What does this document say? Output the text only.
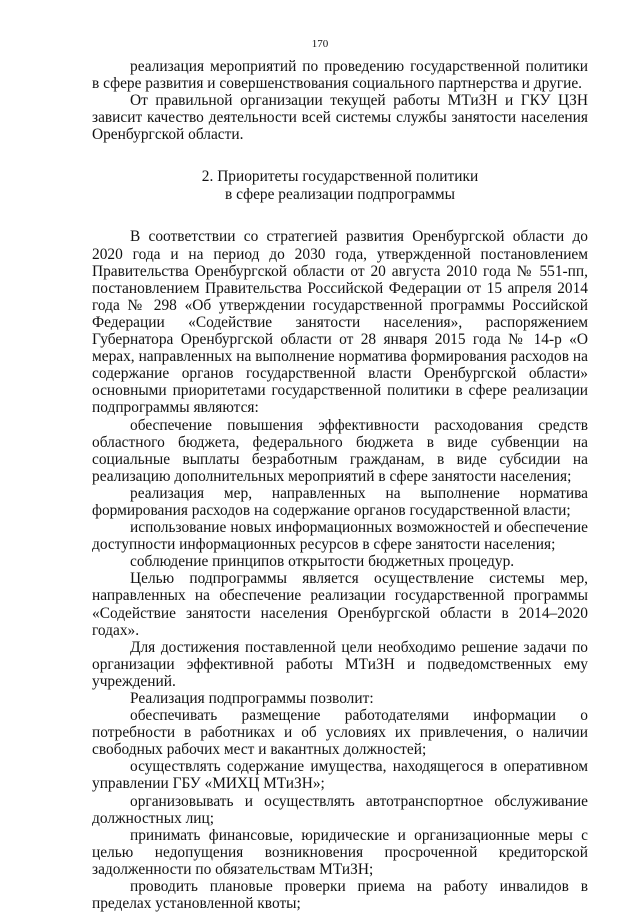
170

реализация мероприятий по проведению государственной политики в сфере развития и совершенствования социального партнерства и другие.

От правильной организации текущей работы МТиЗН и ГКУ ЦЗН зависит качество деятельности всей системы службы занятости населения Оренбургской области.

2. Приоритеты государственной политики
в сфере реализации подпрограммы

В соответствии со стратегией развития Оренбургской области до 2020 года и на период до 2030 года, утвержденной постановлением Правительства Оренбургской области от 20 августа 2010 года № 551-пп, постановлением Правительства Российской Федерации от 15 апреля 2014 года № 298 «Об утверждении государственной программы Российской Федерации «Содействие занятости населения», распоряжением Губернатора Оренбургской области от 28 января 2015 года № 14-р «О мерах, направленных на выполнение норматива формирования расходов на содержание органов государственной власти Оренбургской области» основными приоритетами государственной политики в сфере реализации подпрограммы являются:

обеспечение повышения эффективности расходования средств областного бюджета, федерального бюджета в виде субвенции на социальные выплаты безработным гражданам, в виде субсидии на реализацию дополнительных мероприятий в сфере занятости населения;

реализация мер, направленных на выполнение норматива формирования расходов на содержание органов государственной власти;

использование новых информационных возможностей и обеспечение доступности информационных ресурсов в сфере занятости населения;

соблюдение принципов открытости бюджетных процедур.

Целью подпрограммы является осуществление системы мер, направленных на обеспечение реализации государственной программы «Содействие занятости населения Оренбургской области в 2014–2020 годах».

Для достижения поставленной цели необходимо решение задачи по организации эффективной работы МТиЗН и подведомственных ему учреждений.

Реализация подпрограммы позволит:

обеспечивать размещение работодателями информации о потребности в работниках и об условиях их привлечения, о наличии свободных рабочих мест и вакантных должностей;

осуществлять содержание имущества, находящегося в оперативном управлении ГБУ «МИХЦ МТиЗН»;

организовывать и осуществлять автотранспортное обслуживание должностных лиц;

принимать финансовые, юридические и организационные меры с целью недопущения возникновения просроченной кредиторской задолженности по обязательствам МТиЗН;

проводить плановые проверки приема на работу инвалидов в пределах установленной квоты;
